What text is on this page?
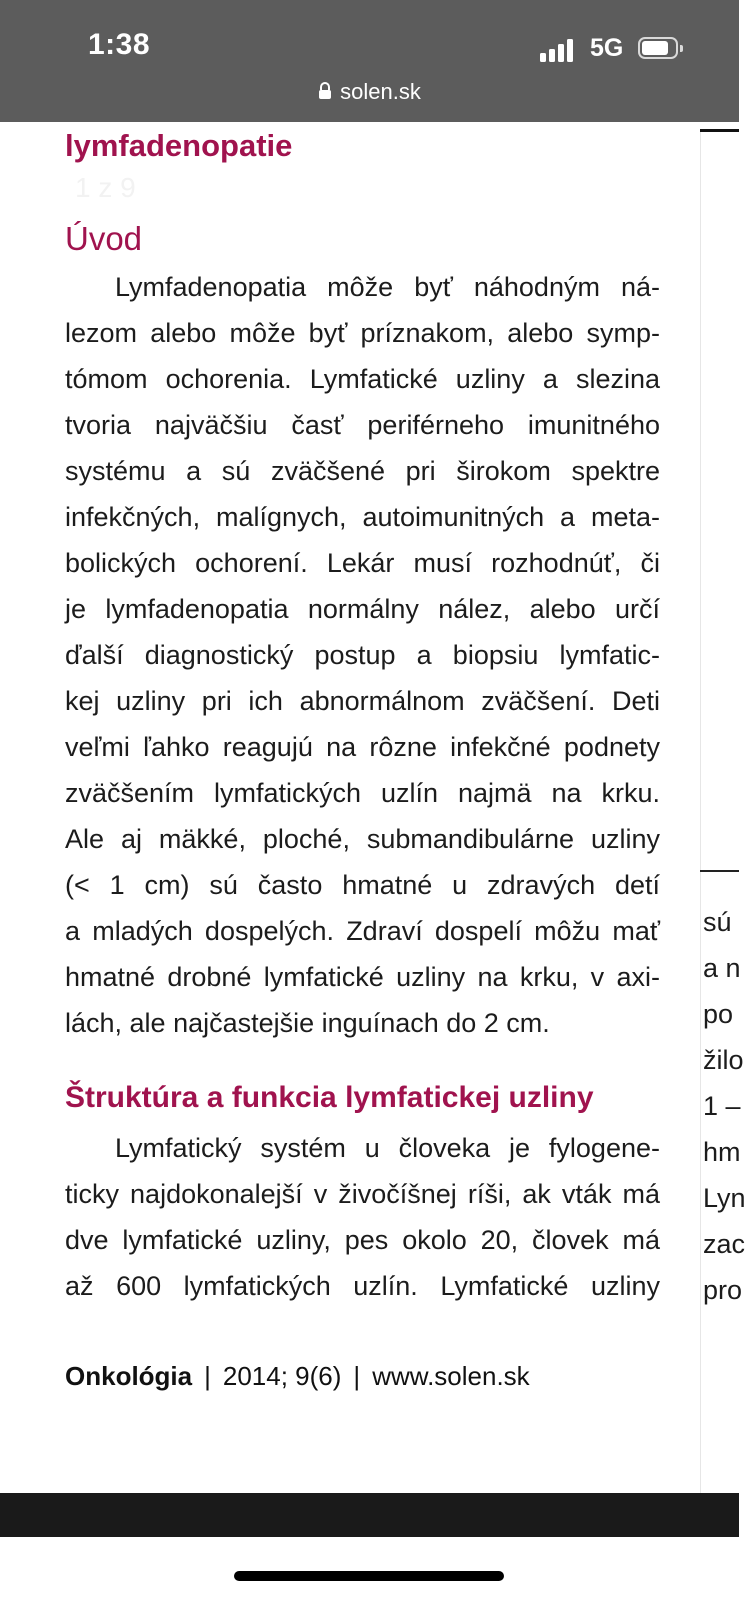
1:38	5G
solen.sk
lymfadenopatie
1 z 9
Úvod
Lymfadenopatia môže byť náhodným ná-
lezom alebo môže byť príznakom, alebo symp-
tómom ochorenia. Lymfatické uzliny a slezina
tvoria najväčšiu časť periférneho imunitného
systému a sú zväčšené pri širokom spektre
infekčných, malígnych, autoimunitných a meta-
bolických ochorení. Lekár musí rozhodnúť, či
je lymfadenopatia normálny nález, alebo určí
ďalší diagnostický postup a biopsiu lymfatic-
kej uzliny pri ich abnormálnom zväčšení. Deti
veľmi ľahko reagujú na rôzne infekčné podnety
zväčšením lymfatických uzlín najmä na krku.
Ale aj mäkké, ploché, submandibulárne uzliny
(< 1 cm) sú často hmatné u zdravých detí
a mladých dospelých. Zdraví dospelí môžu mať
hmatné drobné lymfatické uzliny na krku, v axi-
lách, ale najčastejšie inguínach do 2 cm.
Štruktúra a funkcia lymfatickej uzliny
Lymfatický systém u človeka je fylogene-
ticky najdokonalejší v živočíšnej ríši, ak vták má
dve lymfatické uzliny, pes okolo 20, človek má
až 600 lymfatických uzlín. Lymfatické uzliny
sú
a n
po
žilo
1 –
hm
Lyn
zac
pro
Onkológia | 2014; 9(6) | www.solen.sk
